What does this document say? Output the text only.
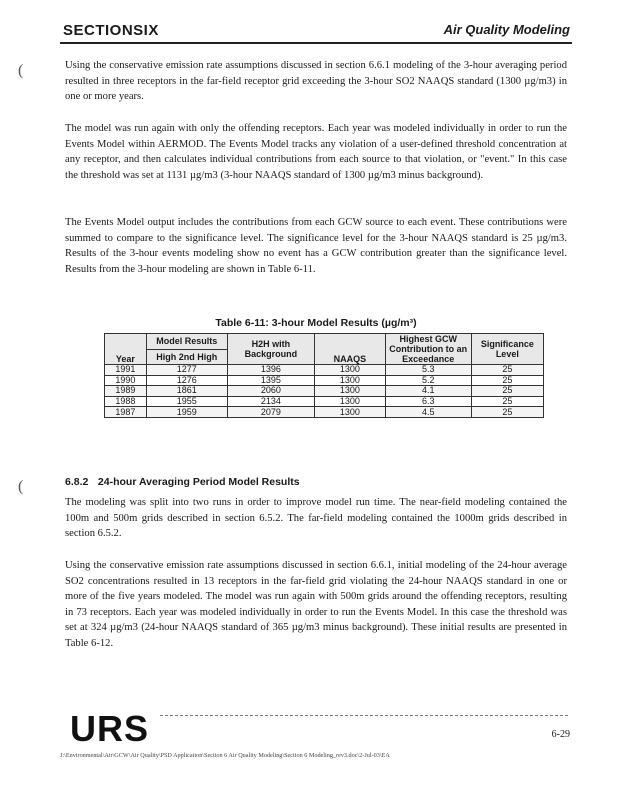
SECTIONSIX	Air Quality Modeling
(
(

Using the conservative emission rate assumptions discussed in section 6.6.1 modeling of the 3-hour averaging period resulted in three receptors in the far-field receptor grid exceeding the 3-hour SO2 NAAQS standard (1300 µg/m3) in one or more years.

The model was run again with only the offending receptors. Each year was modeled individually in order to run the Events Model within AERMOD. The Events Model tracks any violation of a user-defined threshold concentration at any receptor, and then calculates individual contributions from each source to that violation, or "event." In this case the threshold was set at 1131 µg/m3 (3-hour NAAQS standard of 1300 µg/m3 minus background).

The Events Model output includes the contributions from each GCW source to each event. These contributions were summed to compare to the significance level. The significance level for the 3-hour NAAQS standard is 25 µg/m3. Results of the 3-hour events modeling show no event has a GCW contribution greater than the significance level. Results from the 3-hour modeling are shown in Table 6-11.

Table 6-11: 3-hour Model Results (µg/m³)
Year	Model Results	H2H with Background	NAAQS	Highest GCW Contribution to an Exceedance	Significance Level
	High 2nd High				
1991	1277	1396	1300	5.3	25
1990	1276	1395	1300	5.2	25
1989	1861	2060	1300	4.1	25
1988	1955	2134	1300	6.3	25
1987	1959	2079	1300	4.5	25
6.8.2 24-hour Averaging Period Model Results

The modeling was split into two runs in order to improve model run time. The near-field modeling contained the 100m and 500m grids described in section 6.5.2. The far-field modeling contained the 1000m grids described in section 6.5.2.

Using the conservative emission rate assumptions discussed in section 6.6.1, initial modeling of the 24-hour average SO2 concentrations resulted in 13 receptors in the far-field grid violating the 24-hour NAAQS standard in one or more of the five years modeled. The model was run again with 500m grids around the offending receptors, resulting in 73 receptors. Each year was modeled individually in order to run the Events Model. In this case the threshold was set at 324 µg/m3 (24-hour NAAQS standard of 365 µg/m3 minus background). These initial results are presented in Table 6-12.

URS	6-29
J:\Environmental\Air\GCW\Air Quality\PSD Application\Section 6 Air Quality Modeling\Section 6 Modeling_rev3.doc\2-Jul-03\EA
